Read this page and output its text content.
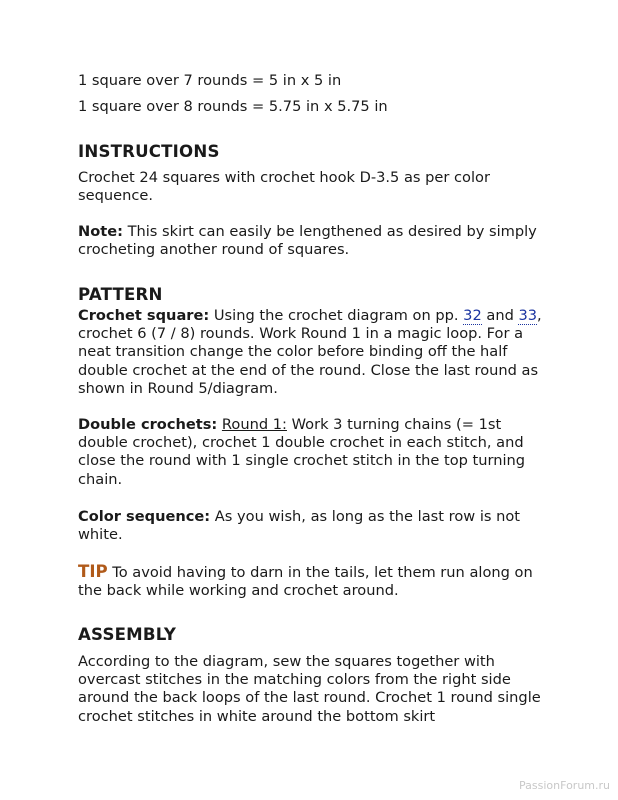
1 square over 7 rounds = 5 in x 5 in
1 square over 8 rounds = 5.75 in x 5.75 in
INSTRUCTIONS
Crochet 24 squares with crochet hook D-3.5 as per color sequence.
Note: This skirt can easily be lengthened as desired by simply crocheting another round of squares.
PATTERN
Crochet square: Using the crochet diagram on pp. 32 and 33, crochet 6 (7 / 8) rounds. Work Round 1 in a magic loop. For a neat transition change the color before binding off the half double crochet at the end of the round. Close the last round as shown in Round 5/diagram.
Double crochets: Round 1: Work 3 turning chains (= 1st double crochet), crochet 1 double crochet in each stitch, and close the round with 1 single crochet stitch in the top turning chain.
Color sequence: As you wish, as long as the last row is not white.
TIP To avoid having to darn in the tails, let them run along on the back while working and crochet around.
ASSEMBLY
According to the diagram, sew the squares together with overcast stitches in the matching colors from the right side around the back loops of the last round. Crochet 1 round single crochet stitches in white around the bottom skirt
PassionForum.ru
